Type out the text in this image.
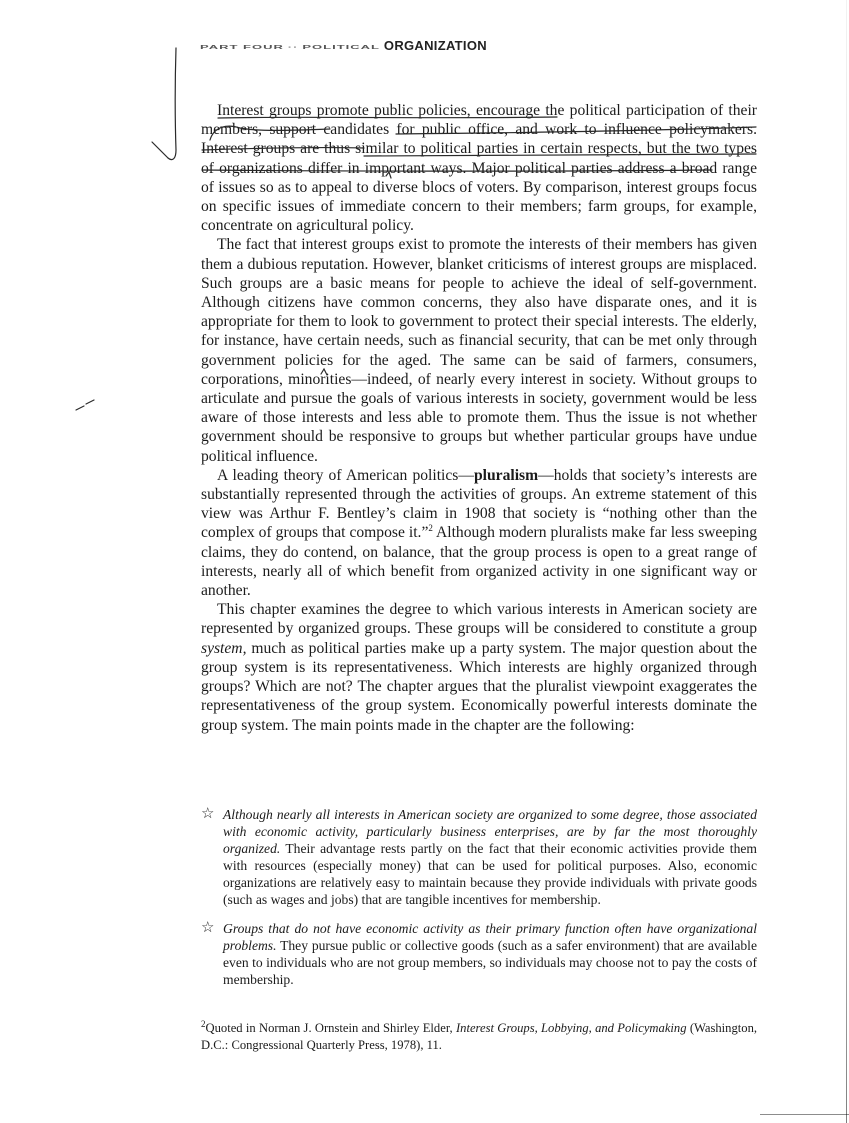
PART FOUR ·· POLITICAL ORGANIZATION

Interest groups promote public policies, encourage the political participation of their members, support candidates for public office, and work to influence policymakers. Interest groups are thus similar to political parties in certain respects, but the two types of organizations differ in important ways. Major political parties address a broad range of issues so as to appeal to diverse blocs of voters. By comparison, interest groups focus on specific issues of immediate concern to their members; farm groups, for example, concentrate on agricultural policy.

The fact that interest groups exist to promote the interests of their members has given them a dubious reputation. However, blanket criticisms of interest groups are misplaced. Such groups are a basic means for people to achieve the ideal of self-government. Although citizens have common concerns, they also have disparate ones, and it is appropriate for them to look to government to protect their special interests. The elderly, for instance, have certain needs, such as financial security, that can be met only through government policies for the aged. The same can be said of farmers, consumers, corporations, minorities—indeed, of nearly every interest in society. Without groups to articulate and pursue the goals of various interests in society, government would be less aware of those interests and less able to promote them. Thus the issue is not whether government should be responsive to groups but whether particular groups have undue political influence.

A leading theory of American politics—pluralism—holds that society’s interests are substantially represented through the activities of groups. An extreme statement of this view was Arthur F. Bentley’s claim in 1908 that society is “nothing other than the complex of groups that compose it.”$^2$ Although modern pluralists make far less sweeping claims, they do contend, on balance, that the group process is open to a great range of interests, nearly all of which benefit from organized activity in one significant way or another.

This chapter examines the degree to which various interests in American society are represented by organized groups. These groups will be considered to constitute a group system, much as political parties make up a party system. The major question about the group system is its representativeness. Which interests are highly organized through groups? Which are not? The chapter argues that the pluralist viewpoint exaggerates the representativeness of the group system. Economically powerful interests dominate the group system. The main points made in the chapter are the following:

☆ Although nearly all interests in American society are organized to some degree, those associated with economic activity, particularly business enterprises, are by far the most thoroughly organized. Their advantage rests partly on the fact that their economic activities provide them with resources (especially money) that can be used for political purposes. Also, economic organizations are relatively easy to maintain because they provide individuals with private goods (such as wages and jobs) that are tangible incentives for membership.
☆ Groups that do not have economic activity as their primary function often have organizational problems. They pursue public or collective goods (such as a safer environment) that are available even to individuals who are not group members, so individuals may choose not to pay the costs of membership.
$^2$Quoted in Norman J. Ornstein and Shirley Elder, Interest Groups, Lobbying, and Policymaking (Washington, D.C.: Congressional Quarterly Press, 1978), 11.
